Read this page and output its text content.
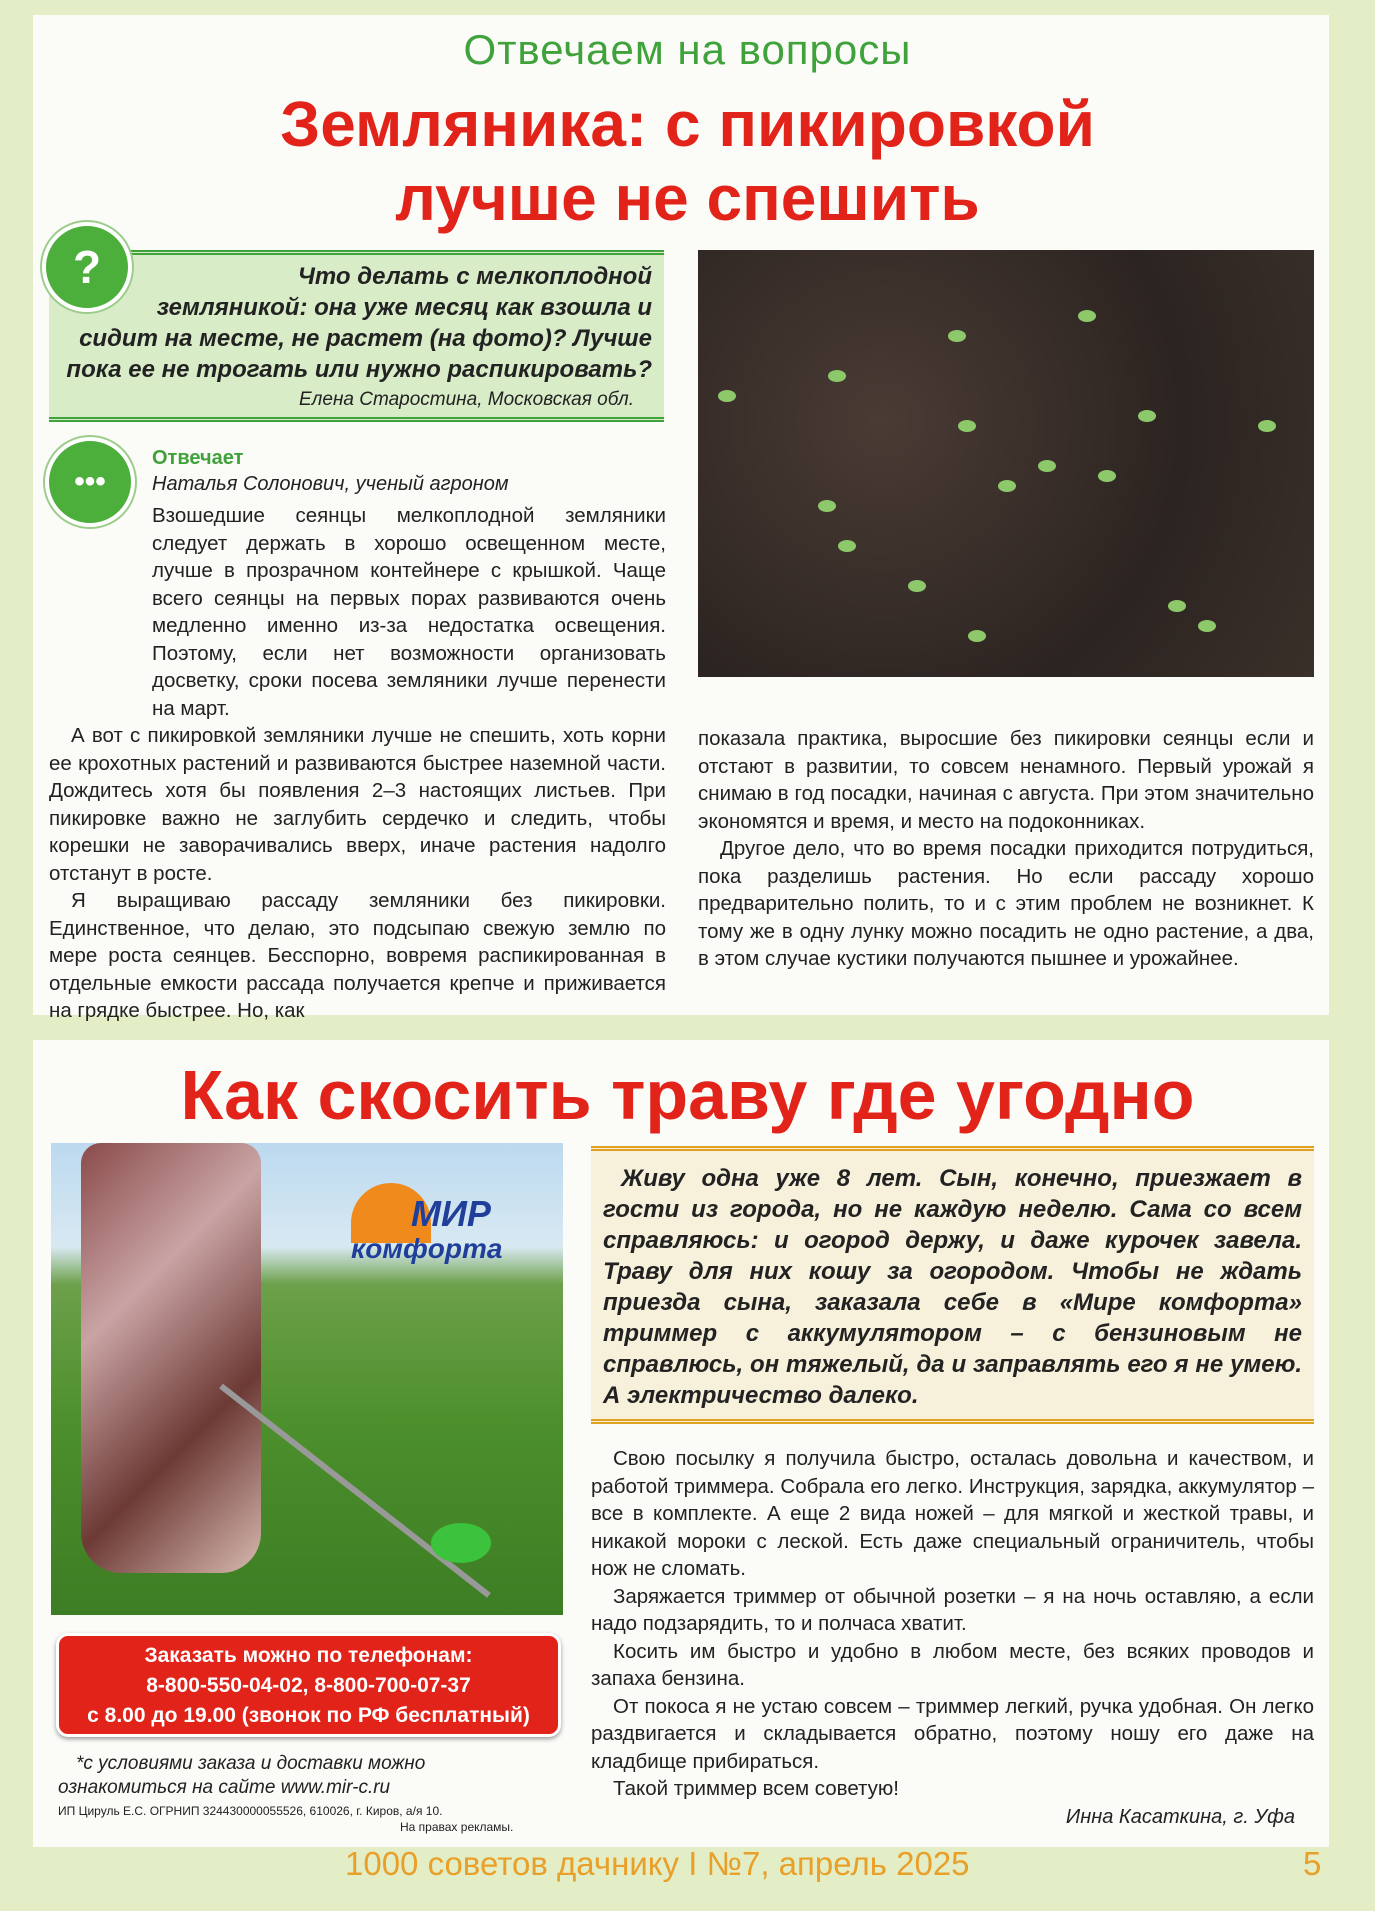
Отвечаем на вопросы
Земляника: с пикировкой
лучше не спешить
Что делать с мелкоплодной земляникой: она уже месяц как взошла и сидит на месте, не растет (на фото)? Лучше пока ее не трогать или нужно распикировать?
Елена Старостина, Московская обл.
?
•••
Отвечает
Наталья Солонович, ученый агроном

Взошедшие сеянцы мелкоплодной земляники следует держать в хорошо освещенном месте, лучше в прозрачном контейнере с крышкой. Чаще всего сеянцы на первых порах развиваются очень медленно именно из-за недостатка освещения. Поэтому, если нет возможности организовать досветку, сроки посева земляники лучше перенести на март.

А вот с пикировкой земляники лучше не спешить, хоть корни ее крохотных растений и развиваются быстрее наземной части. Дождитесь хотя бы появления 2–3 настоящих листьев. При пикировке важно не заглубить сердечко и следить, чтобы корешки не заворачивались вверх, иначе растения надолго отстанут в росте.

Я выращиваю рассаду земляники без пикировки. Единственное, что делаю, это подсыпаю свежую землю по мере роста сеянцев. Бесспорно, вовремя распикированная в отдельные емкости рассада получается крепче и приживается на грядке быстрее. Но, как

показала практика, выросшие без пикировки сеянцы если и отстают в развитии, то совсем ненамного. Первый урожай я снимаю в год посадки, начиная с августа. При этом значительно экономятся и время, и место на подоконниках.

Другое дело, что во время посадки приходится потрудиться, пока разделишь растения. Но если рассаду хорошо предварительно полить, то и с этим проблем не возникнет. К тому же в одну лунку можно посадить не одно растение, а два, в этом случае кустики получаются пышнее и урожайнее.

Как скосить траву где угодно
МИР
комфорта
Заказать можно по телефонам:
8-800-550-04-02, 8-800-700-07-37
с 8.00 до 19.00 (звонок по РФ бесплатный)
*с условиями заказа и доставки можно ознакомиться на сайте www.mir-c.ru
ИП Цируль Е.С. ОГРНИП 324430000055526, 610026, г. Киров, а/я 10.
На правах рекламы.
Живу одна уже 8 лет. Сын, конечно, приезжает в гости из города, но не каждую неделю. Сама со всем справляюсь: и огород держу, и даже курочек завела. Траву для них кошу за огородом. Чтобы не ждать приезда сына, заказала себе в «Мире комфорта» триммер с аккумулятором – с бензиновым не справлюсь, он тяжелый, да и заправлять его я не умею. А электричество далеко.

Свою посылку я получила быстро, осталась довольна и качеством, и работой триммера. Собрала его легко. Инструкция, зарядка, аккумулятор – все в комплекте. А еще 2 вида ножей – для мягкой и жесткой травы, и никакой мороки с леской. Есть даже специальный ограничитель, чтобы нож не сломать.

Заряжается триммер от обычной розетки – я на ночь оставляю, а если надо подзарядить, то и полчаса хватит.

Косить им быстро и удобно в любом месте, без всяких проводов и запаха бензина.

От покоса я не устаю совсем – триммер легкий, ручка удобная. Он легко раздвигается и складывается обратно, поэтому ношу его даже на кладбище прибираться.

Такой триммер всем советую!

Инна Касаткина, г. Уфа
1000 советов дачнику I №7, апрель 2025	5
